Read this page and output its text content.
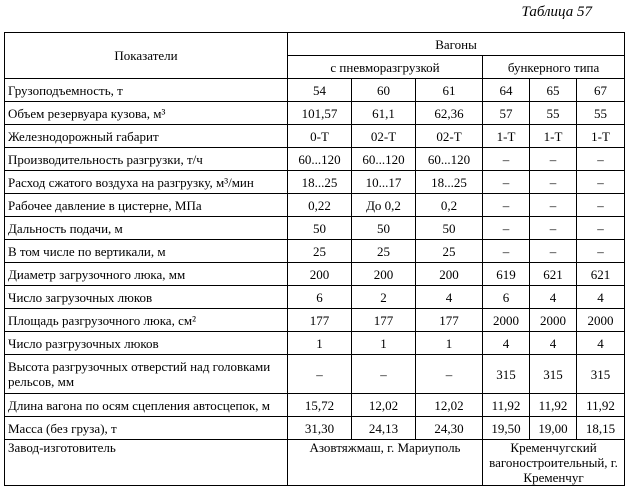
Таблица 57
Показатели	Вагоны					
	с пневморазгрузкой			бункерного типа		
Грузоподъемность, т	54	60	61	64	65	67
Объем резервуара кузова, м³	101,57	61,1	62,36	57	55	55
Железнодорожный габарит	0-Т	02-Т	02-Т	1-Т	1-Т	1-Т
Производительность разгрузки, т/ч	60...120	60...120	60...120	–	–	–
Расход сжатого воздуха на разгрузку, м³/мин	18...25	10...17	18...25	–	–	–
Рабочее давление в цистерне, МПа	0,22	До 0,2	0,2	–	–	–
Дальность подачи, м	50	50	50	–	–	–
В том числе по вертикали, м	25	25	25	–	–	–
Диаметр загрузочного люка, мм	200	200	200	619	621	621
Число загрузочных люков	6	2	4	6	4	4
Площадь разгрузочного люка, см²	177	177	177	2000	2000	2000
Число разгрузочных люков	1	1	1	4	4	4
Высота разгрузочных отверстий над головками рельсов, мм	–	–	–	315	315	315
Длина вагона по осям сцепления автосцепок, м	15,72	12,02	12,02	11,92	11,92	11,92
Масса (без груза), т	31,30	24,13	24,30	19,50	19,00	18,15
Завод-изготовитель	Азовтяжмаш, г. Мариуполь			Кременчугский вагоностроительный, г. Кременчуг		
